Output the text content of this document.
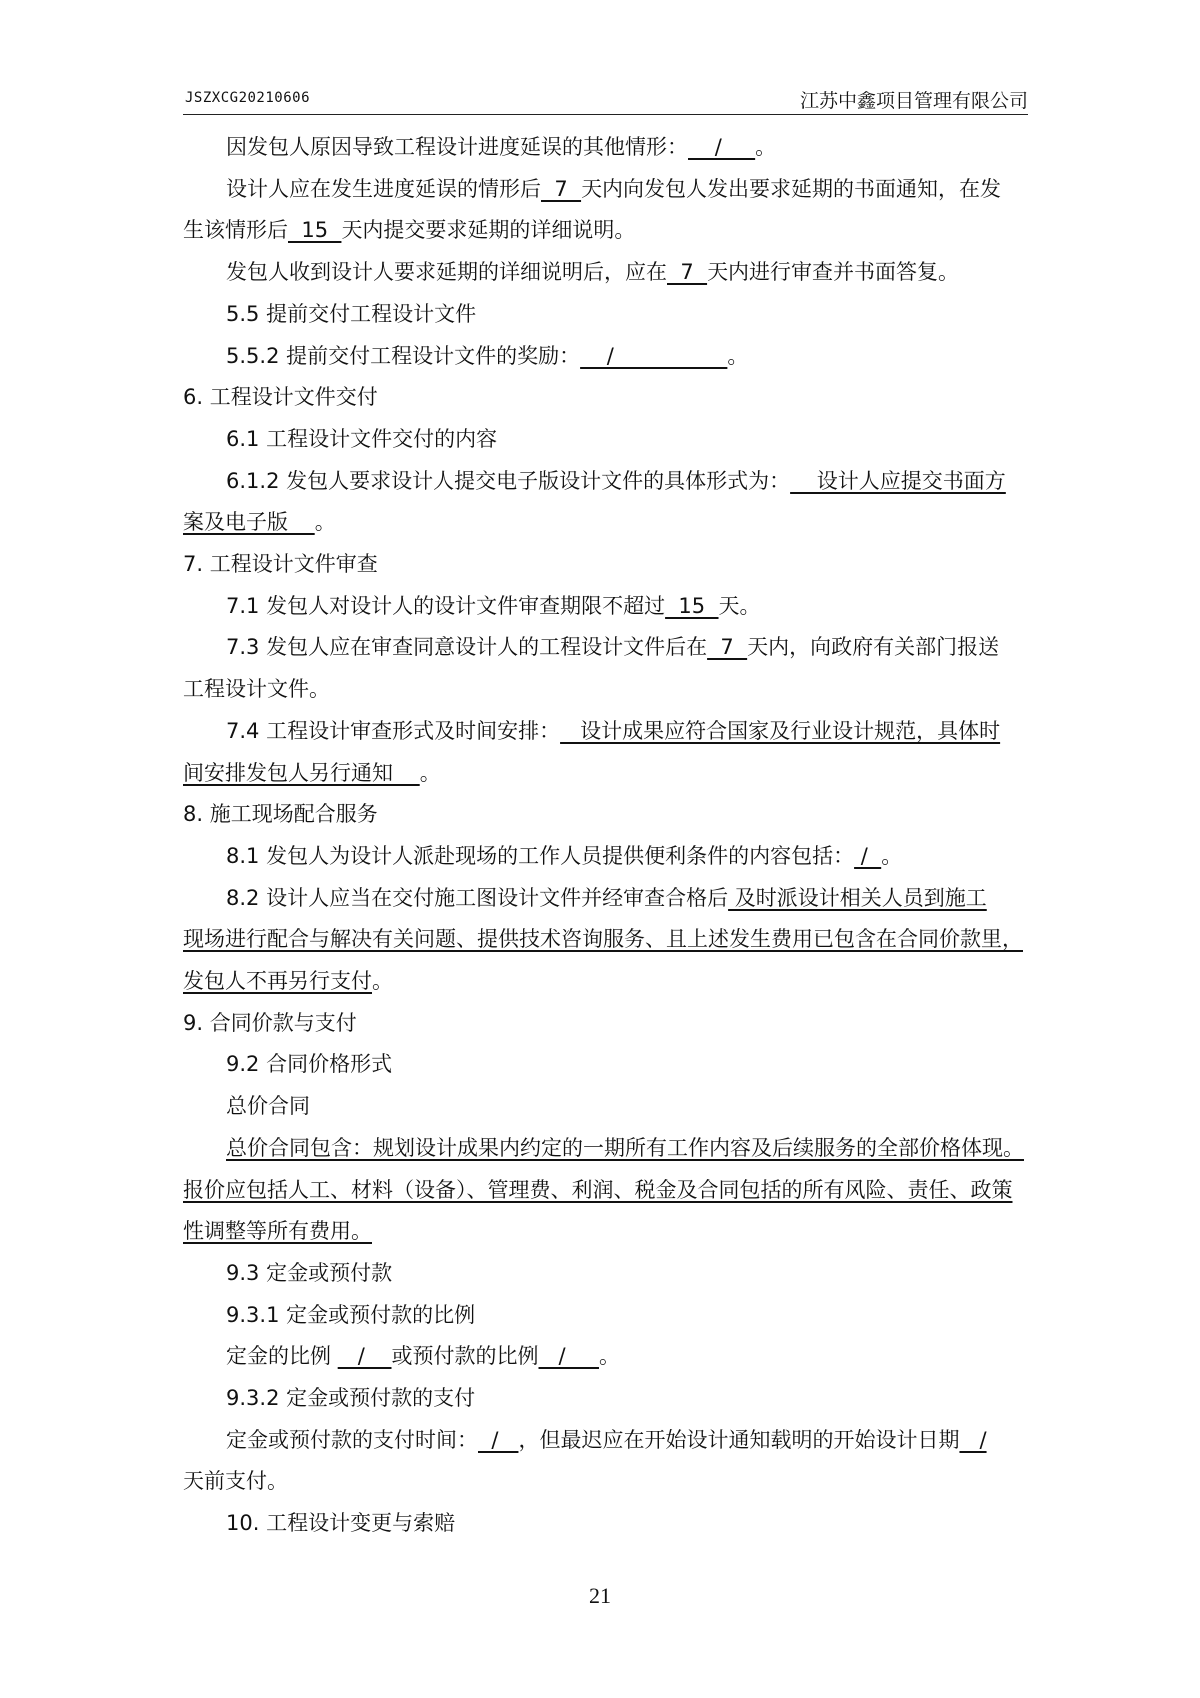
JSZXCG20210606	江苏中鑫项目管理有限公司
因发包人原因导致工程设计进度延误的其他情形：    /     。
设计人应在发生进度延误的情形后  7  天内向发包人发出要求延期的书面通知，在发
生该情形后  15  天内提交要求延期的详细说明。
发包人收到设计人要求延期的详细说明后，应在  7  天内进行审查并书面答复。
5.5 提前交付工程设计文件
5.5.2 提前交付工程设计文件的奖励：    /                 。
6. 工程设计文件交付
6.1 工程设计文件交付的内容
6.1.2 发包人要求设计人提交电子版设计文件的具体形式为：    设计人应提交书面方
案及电子版    。
7. 工程设计文件审查
7.1 发包人对设计人的设计文件审查期限不超过  15  天。
7.3 发包人应在审查同意设计人的工程设计文件后在  7  天内，向政府有关部门报送
工程设计文件。
7.4 工程设计审查形式及时间安排：   设计成果应符合国家及行业设计规范，具体时
间安排发包人另行通知    。
8. 施工现场配合服务
8.1 发包人为设计人派赴现场的工作人员提供便利条件的内容包括： /  。
8.2 设计人应当在交付施工图设计文件并经审查合格后 及时派设计相关人员到施工
现场进行配合与解决有关问题、提供技术咨询服务、且上述发生费用已包含在合同价款里，
发包人不再另行支付。
9. 合同价款与支付
9.2 合同价格形式
总价合同
总价合同包含：规划设计成果内约定的一期所有工作内容及后续服务的全部价格体现。
报价应包括人工、材料（设备）、管理费、利润、税金及合同包括的所有风险、责任、政策
性调整等所有费用。
9.3 定金或预付款
9.3.1 定金或预付款的比例
定金的比例    /    或预付款的比例   /     。
9.3.2 定金或预付款的支付
定金或预付款的支付时间：  /   ，但最迟应在开始设计通知载明的开始设计日期   /
天前支付。
10. 工程设计变更与索赔
21
